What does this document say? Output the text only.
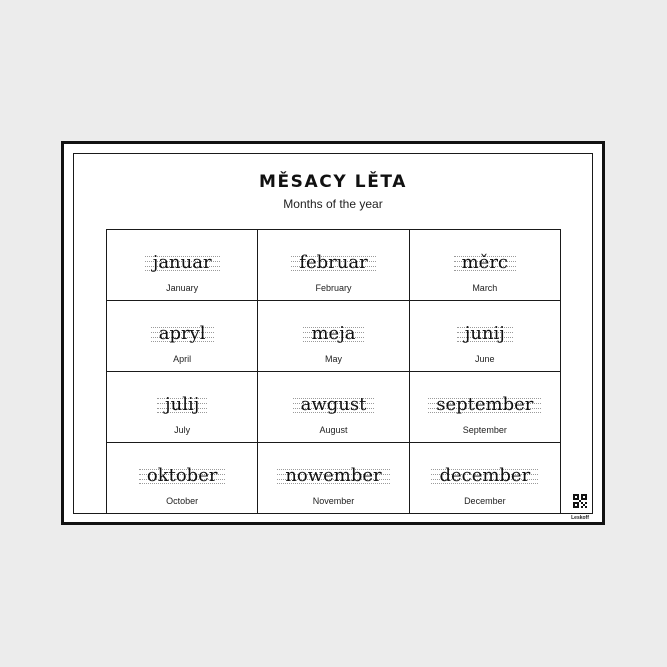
MĚSACY LĚTA
Months of the year
januar
January
februar
February
měrc
March
apryl
April
meja
May
junij
June
julij
July
awgust
August
september
September
oktober
October
nowember
November
december
December
Leskoff
